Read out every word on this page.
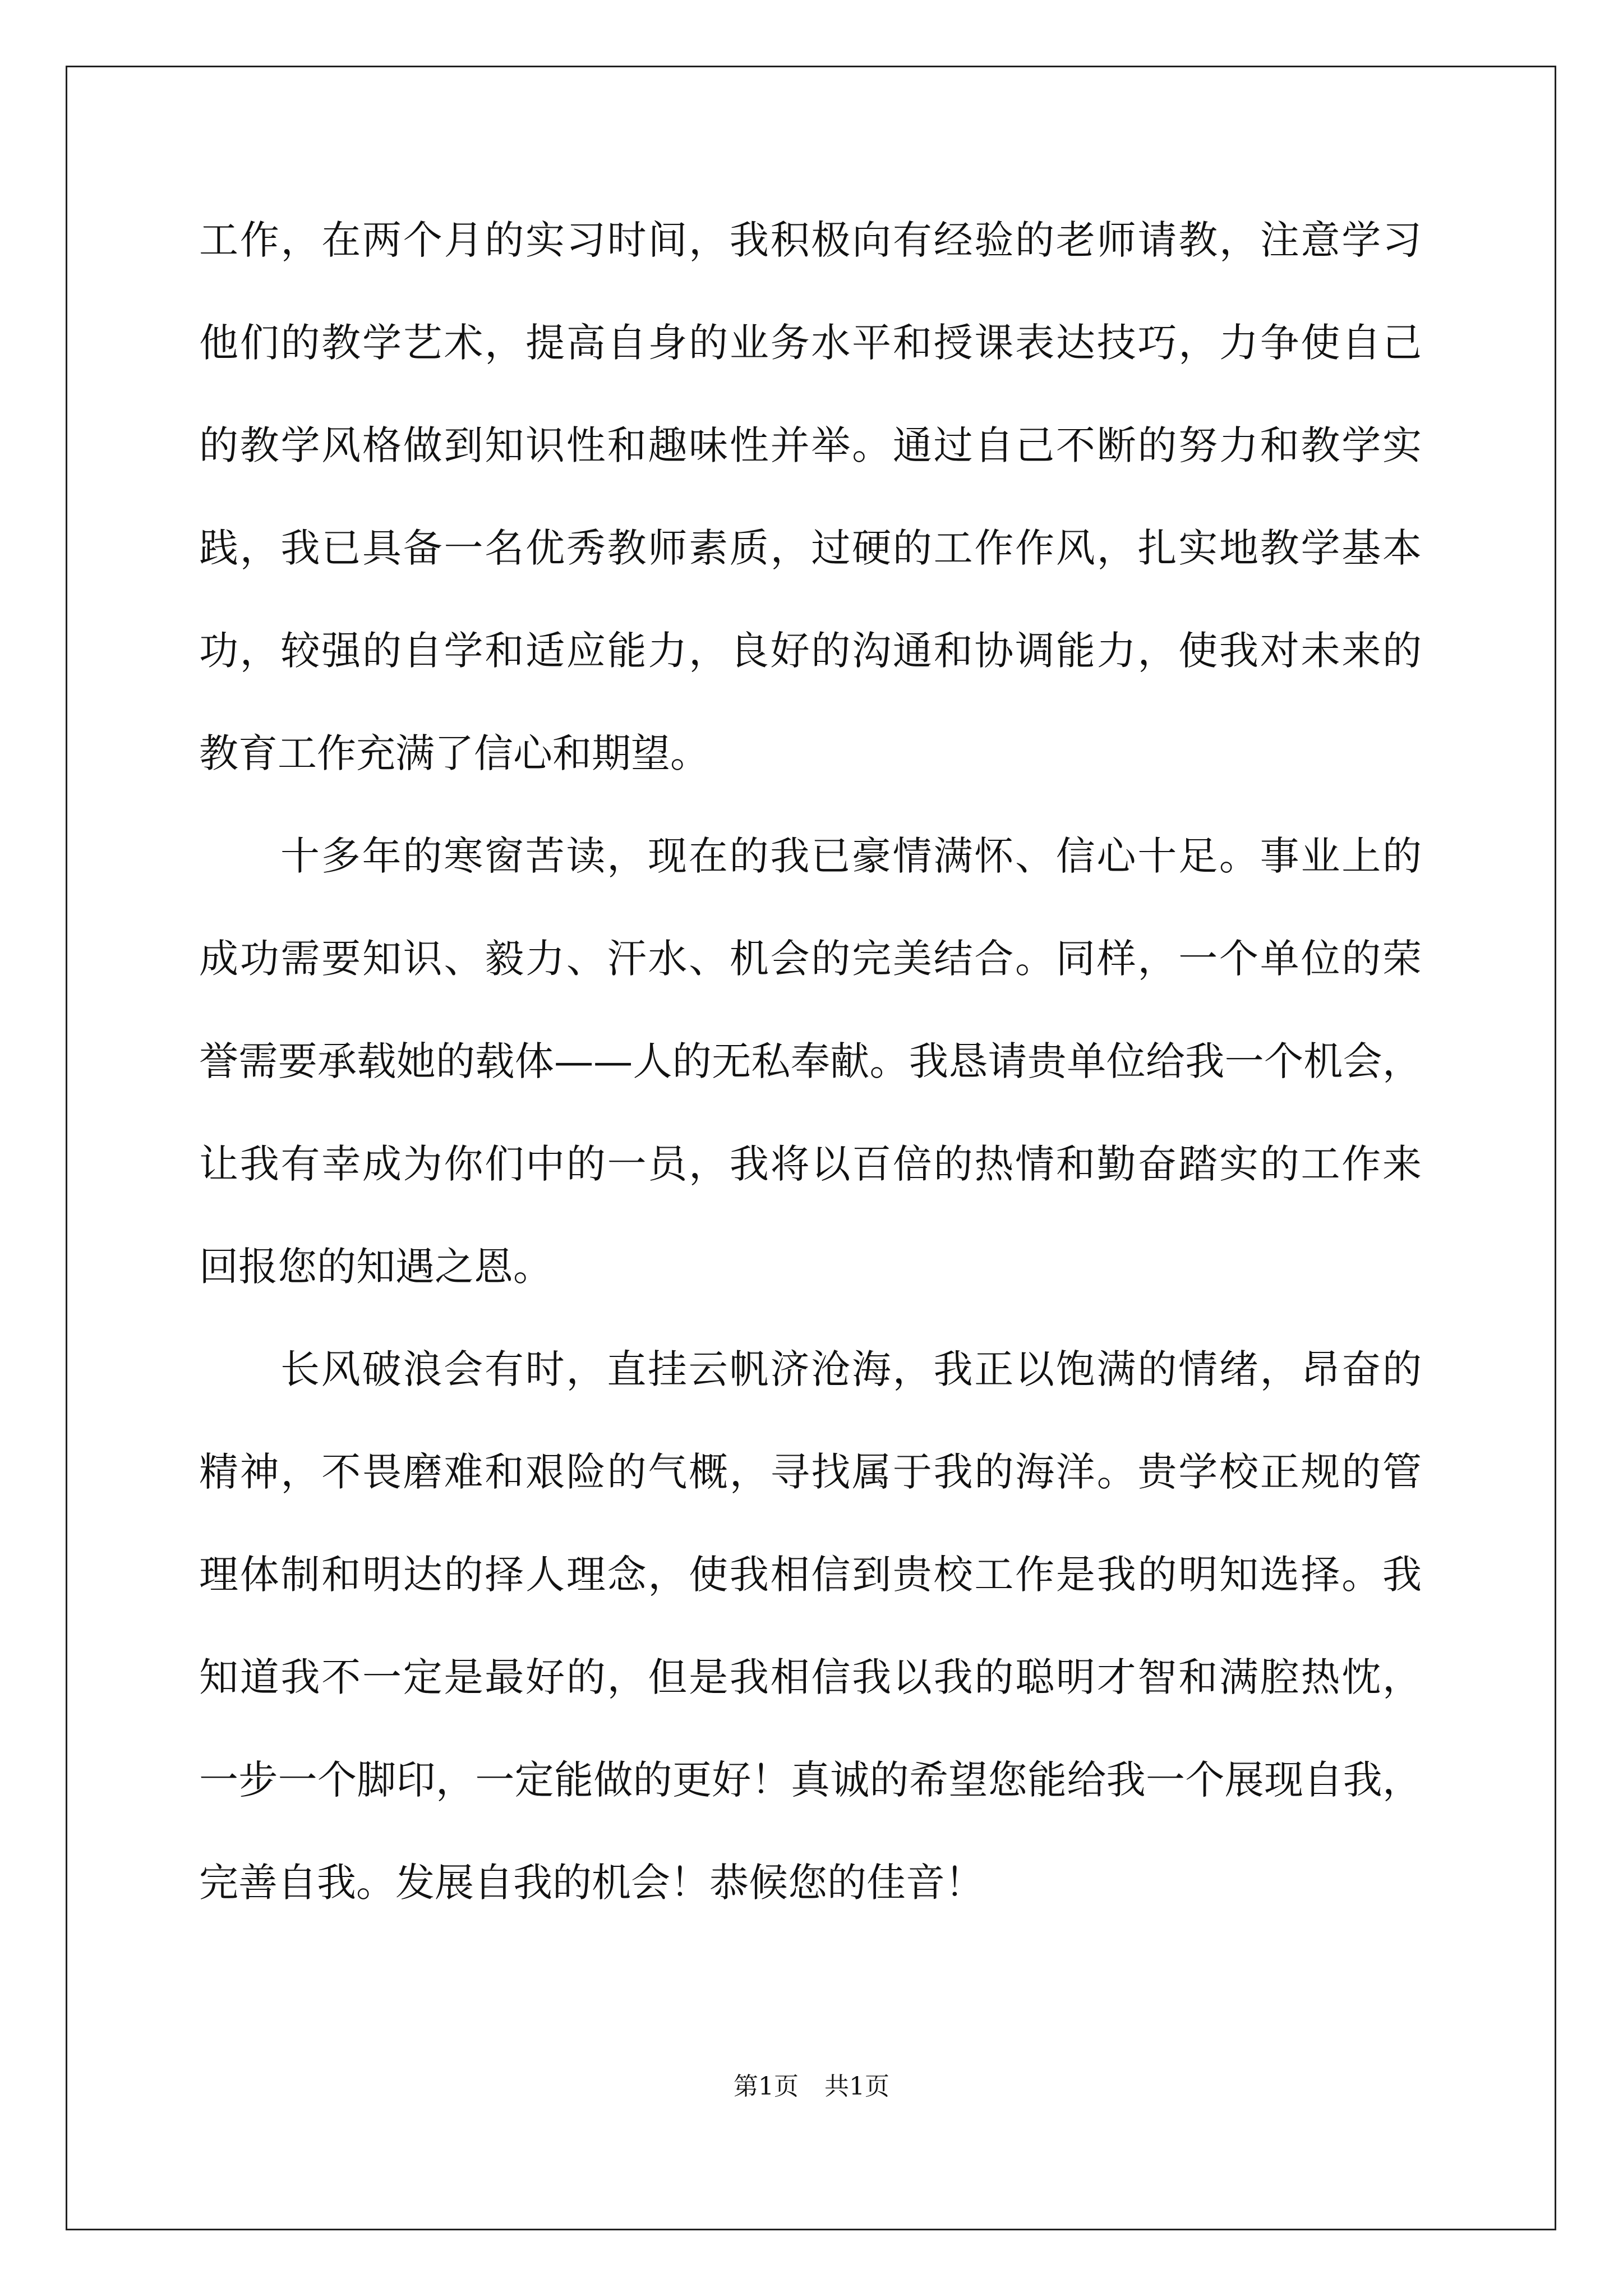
工作，在两个月的实习时间，我积极向有经验的老师请教，注意学习
他们的教学艺术，提高自身的业务水平和授课表达技巧，力争使自己
的教学风格做到知识性和趣味性并举。通过自己不断的努力和教学实
践，我已具备一名优秀教师素质，过硬的工作作风，扎实地教学基本
功，较强的自学和适应能力，良好的沟通和协调能力，使我对未来的
教育工作充满了信心和期望。
十多年的寒窗苦读，现在的我已豪情满怀、信心十足。事业上的
成功需要知识、毅力、汗水、机会的完美结合。同样，一个单位的荣
誉需要承载她的载体——人的无私奉献。我恳请贵单位给我一个机会，
让我有幸成为你们中的一员，我将以百倍的热情和勤奋踏实的工作来
回报您的知遇之恩。
长风破浪会有时，直挂云帆济沧海，我正以饱满的情绪，昂奋的
精神，不畏磨难和艰险的气概，寻找属于我的海洋。贵学校正规的管
理体制和明达的择人理念，使我相信到贵校工作是我的明知选择。我
知道我不一定是最好的，但是我相信我以我的聪明才智和满腔热忱，
一步一个脚印，一定能做的更好！真诚的希望您能给我一个展现自我，
完善自我。发展自我的机会！恭候您的佳音！
第1页 共1页
